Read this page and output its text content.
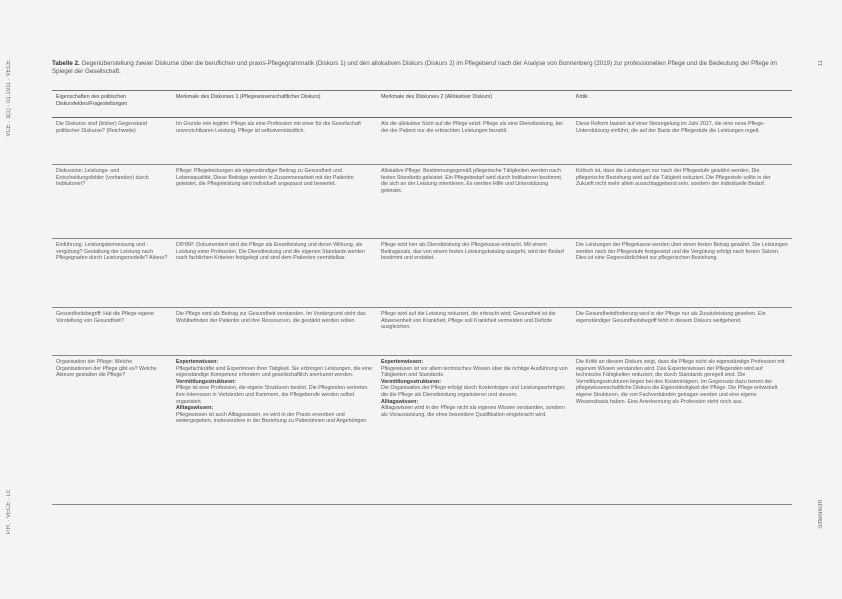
VCE · 3(1) · 01.1011 · VECE
P.R. · VECE · Lc
11
Sittenrecht
Tabelle 2. Gegenüberstellung zweier Diskurse über die beruflichen und praxis-Pflegegrammatik (Diskurs 1) und den allokativen Diskurs (Diskurs 2) im Pflegeberuf nach der Analyse von Bonnenberg (2019) zur professionellen Pflege und die Bedeutung der Pflege im Spiegel der Gesellschaft.
Eigenschaften des politischen Diskursfeldes/Fragestellungen
Merkmale des Diskurses 1 (Pflegewissenschaftlicher Diskurs)	Merkmale des Diskurses 2 (Allokativer Diskurs)	Kritik
Die Diskurse sind (bisher) Gegenstand politischer Diskurse? (Reichweite)
Im Grunde rein legitim: Pflege als eine Profession mit einer für die Gesellschaft unverzichtbaren Leistung. Pflege ist selbstverständlich.
Als die allokative Sicht auf die Pflege setzt: Pflege als eine Dienstleistung, bei der der Patient nur die erbrachten Leistungen bezahlt.
Diese Reform basiert auf einer Neuregelung im Jahr 2017, die eine neue Pflege-Unterstützung einführt, die auf der Basis der Pflegestufe die Leistungen regelt.
Diskussion: Leistungs- und Entscheidungsfelder (vorhanden) durch Indikatoren?
Pflege: Pflegeleistungen als eigenständiger Beitrag zu Gesundheit und Lebensqualität. Diese Beiträge werden in Zusammenarbeit mit der Patientin geleistet, die Pflegeleistung wird individuell angepasst und bewertet.
Allokative Pflege: Bestimmungsgemäß pflegerische Tätigkeiten werden nach festen Standards geleistet. Ein Pflegebedarf wird durch Indikatoren bestimmt, die sich an der Leistung orientieren. Es werden Hilfe und Unterstützung geleistet.
Kritisch ist, dass die Leistungen nur nach der Pflegestufe gewährt werden. Die pflegerische Beziehung wird auf die Tätigkeit reduziert. Die Pflegestufe sollte in der Zukunft nicht mehr allein ausschlaggebend sein, sondern der individuelle Bedarf.
Einführung: Leistungsbemessung und -vergütung? Gestaltung der Leistung nach Pflegegraden durch Leistungsmodelle? Akteur?
DIP/BP: Dokumentiert wird die Pflege als Einzelleistung und deren Wirkung, als Leistung einer Profession. Die Dienstleistung und die eigenen Standards werden nach fachlichen Kriterien festgelegt und sind dem Patienten vermittelbar.
Pflege wird hier als Dienstleistung der Pflegekasse erbracht. Mit einem Beitragssatz, das von einem festen Leistungskatalog ausgeht, wird der Bedarf bestimmt und erstattet.
Die Leistungen der Pflegekasse werden über einen festen Betrag gewährt. Die Leistungen werden nach der Pflegestufe festgesetzt und die Vergütung erfolgt nach festen Sätzen. Dies ist eine Gegensätzlichkeit zur pflegerischen Beziehung.
Gesundheitsbegriff: Hat die Pflege eigene Vorstellung von Gesundheit?
Die Pflege wird als Beitrag zur Gesundheit verstanden. Im Vordergrund steht das Wohlbefinden der Patientin und ihre Ressourcen, die gestärkt werden sollen.
Pflege wird auf die Leistung reduziert, die erbracht wird; Gesundheit ist die Abwesenheit von Krankheit, Pflege soll Krankheit vermeiden und Defizite ausgleichen.
Die Gesundheitsförderung wird in der Pflege nur als Zusatzleistung gesehen. Ein eigenständiger Gesundheitsbegriff fehlt in diesem Diskurs weitgehend.
Organisation der Pflege: Welche Organisationen der Pflege gibt es? Welche Akteure gestalten die Pflege?
Expertenwissen:
Pflegefachkräfte sind Expertinnen ihrer Tätigkeit. Sie erbringen Leistungen, die eine eigenständige Kompetenz erfordern und gesellschaftlich anerkannt werden.
Vermittlungsstrukturen:
Pflege ist eine Profession, die eigene Strukturen besitzt. Die Pflegenden vertreten ihre Interessen in Verbänden und Kammern, die Pflegeberufe werden selbst organisiert.
Alltagswissen:
Pflegewissen ist auch Alltagswissen, es wird in der Praxis erworben und weitergegeben, insbesondere in der Beziehung zu Patientinnen und Angehörigen.
Expertenwissen:
Pflegewissen ist vor allem technisches Wissen über die richtige Ausführung von Tätigkeiten und Standards.
Vermittlungsstrukturen:
Die Organisation der Pflege erfolgt durch Kostenträger und Leistungserbringer, die die Pflege als Dienstleistung organisieren und steuern.
Alltagswissen:
Alltagswissen wird in der Pflege nicht als eigenes Wissen verstanden, sondern als Voraussetzung, die ohne besondere Qualifikation eingebracht wird.
Die Kritik an diesem Diskurs zeigt, dass die Pflege nicht als eigenständige Profession mit eigenem Wissen verstanden wird. Das Expertenwissen der Pflegenden wird auf technische Fähigkeiten reduziert, die durch Standards geregelt sind. Die Vermittlungsstrukturen liegen bei den Kostenträgern. Im Gegensatz dazu betont der pflegewissenschaftliche Diskurs die Eigenständigkeit der Pflege. Die Pflege entwickelt eigene Strukturen, die von Fachverbänden getragen werden und eine eigene Wissensbasis haben. Eine Anerkennung als Profession steht noch aus.
